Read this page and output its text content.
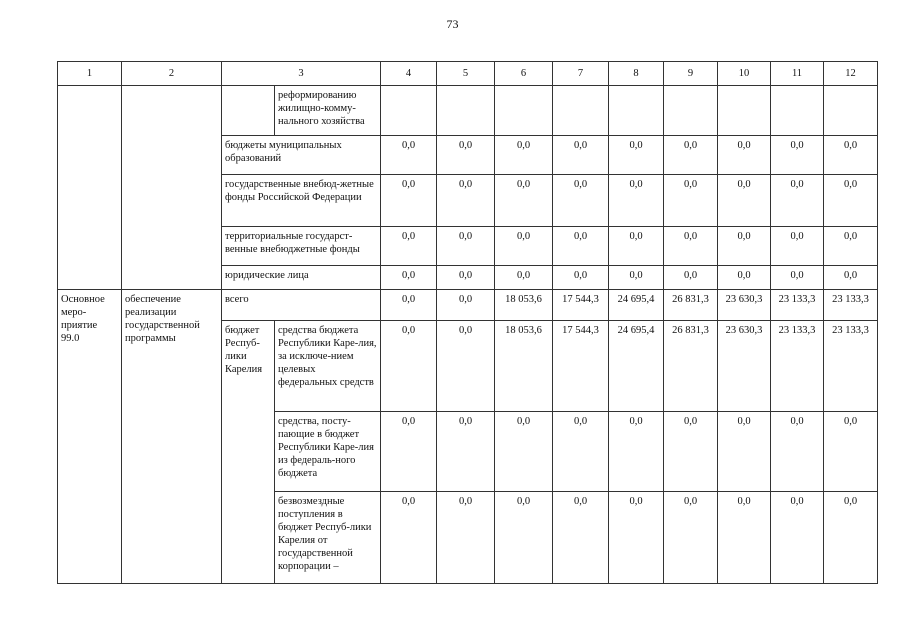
73
1	2	3		4	5	6	7	8	9	10	11	12
			реформированию жилищно-комму-нального хозяйства									
		бюджеты муниципальных образований		0,0	0,0	0,0	0,0	0,0	0,0	0,0	0,0	0,0
		государственные внебюд-жетные фонды Российской Федерации		0,0	0,0	0,0	0,0	0,0	0,0	0,0	0,0	0,0
		территориальные государст-венные внебюджетные фонды		0,0	0,0	0,0	0,0	0,0	0,0	0,0	0,0	0,0
		юридические лица		0,0	0,0	0,0	0,0	0,0	0,0	0,0	0,0	0,0
Основное меро-приятие 99.0	обеспечение реализации государственной программы	всего		0,0	0,0	18 053,6	17 544,3	24 695,4	26 831,3	23 630,3	23 133,3	23 133,3
		бюджет Респуб-лики Карелия	средства бюджета Республики Каре-лия, за исключе-нием целевых федеральных средств	0,0	0,0	18 053,6	17 544,3	24 695,4	26 831,3	23 630,3	23 133,3	23 133,3
			средства, посту-пающие в бюджет Республики Каре-лия из федераль-ного бюджета	0,0	0,0	0,0	0,0	0,0	0,0	0,0	0,0	0,0
			безвозмездные поступления в бюджет Респуб-лики Карелия от государственной корпорации –	0,0	0,0	0,0	0,0	0,0	0,0	0,0	0,0	0,0
